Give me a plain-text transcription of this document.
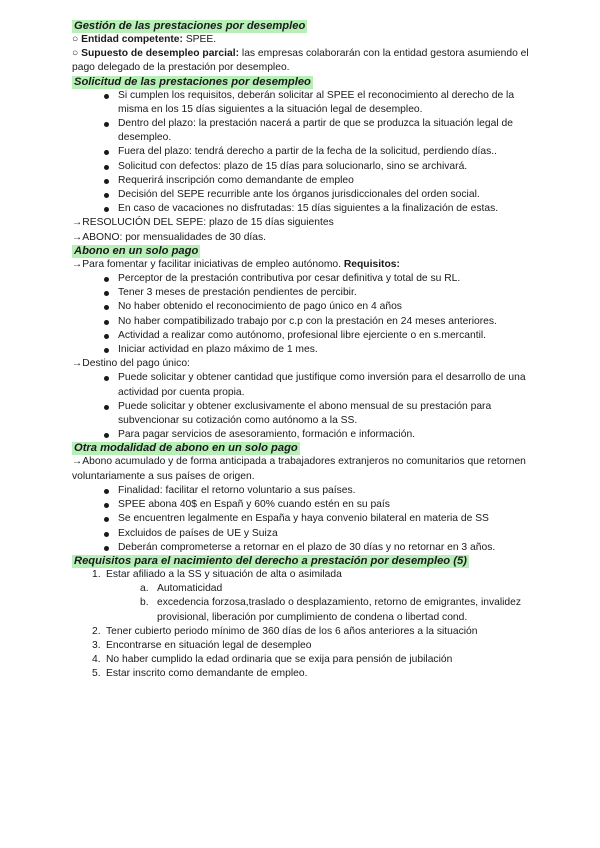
Gestión de las prestaciones por desempleo

○ Entidad competente: SPEE.

○ Supuesto de desempleo parcial: las empresas colaborarán con la entidad gestora asumiendo el pago delegado de la prestación por desempleo.

Solicitud de las prestaciones por desempleo
Si cumplen los requisitos, deberán solicitar al SPEE el reconocimiento al derecho de la misma en los 15 días siguientes a la situación legal de desempleo.
Dentro del plazo: la prestación nacerá a partir de que se produzca la situación legal de desempleo.
Fuera del plazo: tendrá derecho a partir de la fecha de la solicitud, perdiendo días..
Solicitud con defectos: plazo de 15 días para solucionarlo, sino se archivará.
Requerirá inscripción como demandante de empleo
Decisión del SEPE recurrible ante los órganos jurisdiccionales del orden social.
En caso de vacaciones no disfrutadas: 15 días siguientes a la finalización de estas.

→RESOLUCIÓN DEL SEPE: plazo de 15 días siguientes

→ABONO: por mensualidades de 30 días.

Abono en un solo pago

→Para fomentar y facilitar iniciativas de empleo autónomo. Requisitos:

Perceptor de la prestación contributiva por cesar definitiva y total de su RL.
Tener 3 meses de prestación pendientes de percibir.
No haber obtenido el reconocimiento de pago único en 4 años
No haber compatibilizado trabajo por c.p con la prestación en 24 meses anteriores.
Actividad a realizar como autónomo, profesional libre ejerciente o en s.mercantil.
Iniciar actividad en plazo máximo de 1 mes.

→Destino del pago único:

Puede solicitar y obtener cantidad que justifique como inversión para el desarrollo de una actividad por cuenta propia.
Puede solicitar y obtener exclusivamente el abono mensual de su prestación para subvencionar su cotización como autónomo a la SS.
Para pagar servicios de asesoramiento, formación e información.
Otra modalidad de abono en un solo pago

→Abono acumulado y de forma anticipada a trabajadores extranjeros no comunitarios que retornen voluntariamente a sus países de origen.

Finalidad: facilitar el retorno voluntario a sus países.
SPEE abona 40$ en Españ y 60% cuando estén en su país
Se encuentren legalmente en España y haya convenio bilateral en materia de SS
Excluidos de países de UE y Suiza
Deberán comprometerse a retornar en el plazo de 30 días y no retornar en 3 años.
Requisitos para el nacimiento del derecho a prestación por desempleo (5)
1. Estar afiliado a la SS y situación de alta o asimilada
a. Automaticidad
b. excedencia forzosa,traslado o desplazamiento, retorno de emigrantes, invalidez provisional, liberación por cumplimiento de condena o libertad cond.
2. Tener cubierto periodo mínimo de 360 días de los 6 años anteriores a la situación
3. Encontrarse en situación legal de desempleo
4. No haber cumplido la edad ordinaria que se exija para pensión de jubilación
5. Estar inscrito como demandante de empleo.
